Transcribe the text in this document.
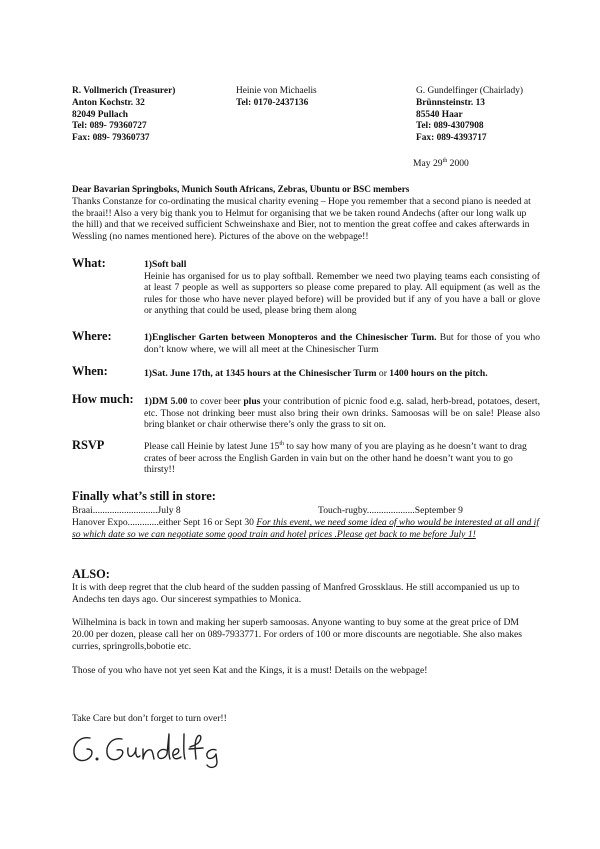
R. Vollmerich (Treasurer)
Anton Kochstr. 32
82049 Pullach
Tel: 089- 79360727
Fax: 089- 79360737
Heinie von Michaelis
Tel: 0170-2437136
G. Gundelfinger (Chairlady)
Brünnsteinstr. 13
85540 Haar
Tel: 089-4307908
Fax: 089-4393717
May 29th 2000
Dear Bavarian Springboks, Munich South Africans, Zebras, Ubuntu or BSC members
Thanks Constanze for co-ordinating the musical charity evening – Hope you remember that a second piano is needed at the braai!! Also a very big thank you to Helmut for organising that we be taken round Andechs (after our long walk up the hill) and that we received sufficient Schweinshaxe and Bier, not to mention the great coffee and cakes afterwards in Wessling (no names mentioned here). Pictures of the above on the webpage!!
What:	1)Soft ball
Heinie has organised for us to play softball. Remember we need two playing teams each consisting of at least 7 people as well as supporters so please come prepared to play. All equipment (as well as the rules for those who have never played before) will be provided but if any of you have a ball or glove or anything that could be used, please bring them along
Where:	1)Englischer Garten between Monopteros and the Chinesischer Turm. But for those of you who don’t know where, we will all meet at the Chinesischer Turm
When:	1)Sat. June 17th, at 1345 hours at the Chinesischer Turm or 1400 hours on the pitch.
How much: 1)DM 5.00 to cover beer plus your contribution of picnic food e.g. salad, herb-bread, potatoes, desert, etc. Those not drinking beer must also bring their own drinks. Samoosas will be on sale! Please also bring blanket or chair otherwise there’s only the grass to sit on.
RSVP	Please call Heinie by latest June 15th to say how many of you are playing as he doesn’t want to drag crates of beer across the English Garden in vain but on the other hand he doesn’t want you to go thirsty!!
Finally what’s still in store:
Braai...........................July 8	Touch-rugby....................September 9
Hanover Expo.............either Sept 16 or Sept 30 For this event, we need some idea of who would be interested at all and if so which date so we can negotiate some good train and hotel prices .Please get back to me before July 1!
ALSO:
It is with deep regret that the club heard of the sudden passing of Manfred Grossklaus. He still accompanied us up to Andechs ten days ago. Our sincerest sympathies to Monica.
Wilhelmina is back in town and making her superb samoosas. Anyone wanting to buy some at the great price of DM 20.00 per dozen, please call her on 089-7933771. For orders of 100 or more discounts are negotiable. She also makes curries, springrolls,bobotie etc.
Those of you who have not yet seen Kat and the Kings, it is a must! Details on the webpage!
Take Care but don’t forget to turn over!!
